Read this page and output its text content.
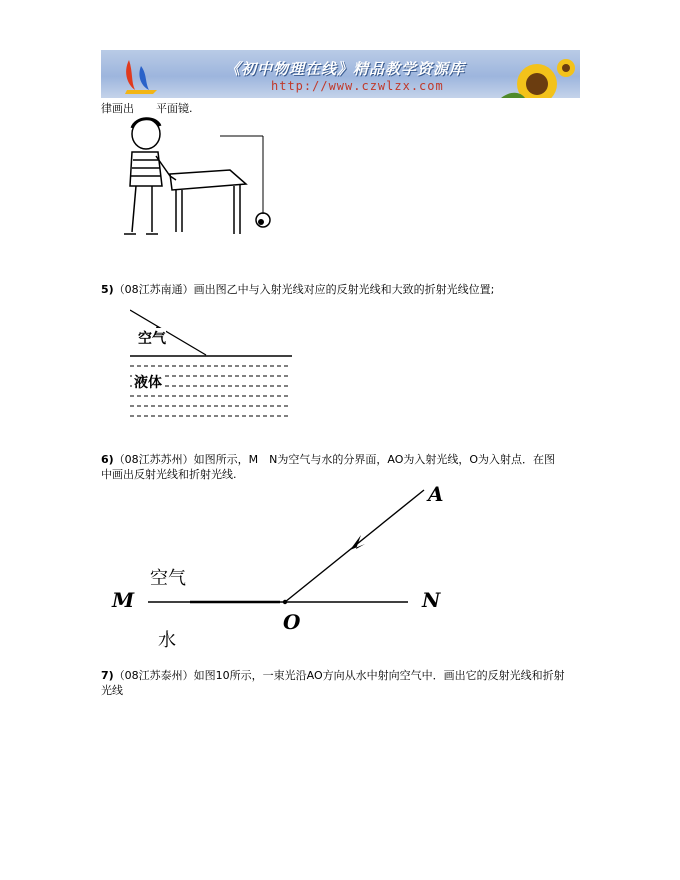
《初中物理在线》精品教学资源库
http://www.czwlzx.com
律画出　　平面镜.
5)（08江苏南通）画出图乙中与入射光线对应的反射光线和大致的折射光线位置;
空气
液体
6)（08江苏苏州）如图所示，M　N为空气与水的分界面，AO为入射光线，O为入射点．在图
中画出反射光线和折射光线.
A
M	N
O
空气
水
7)（08江苏泰州）如图10所示，一束光沿AO方向从水中射向空气中．画出它的反射光线和折射
光线
